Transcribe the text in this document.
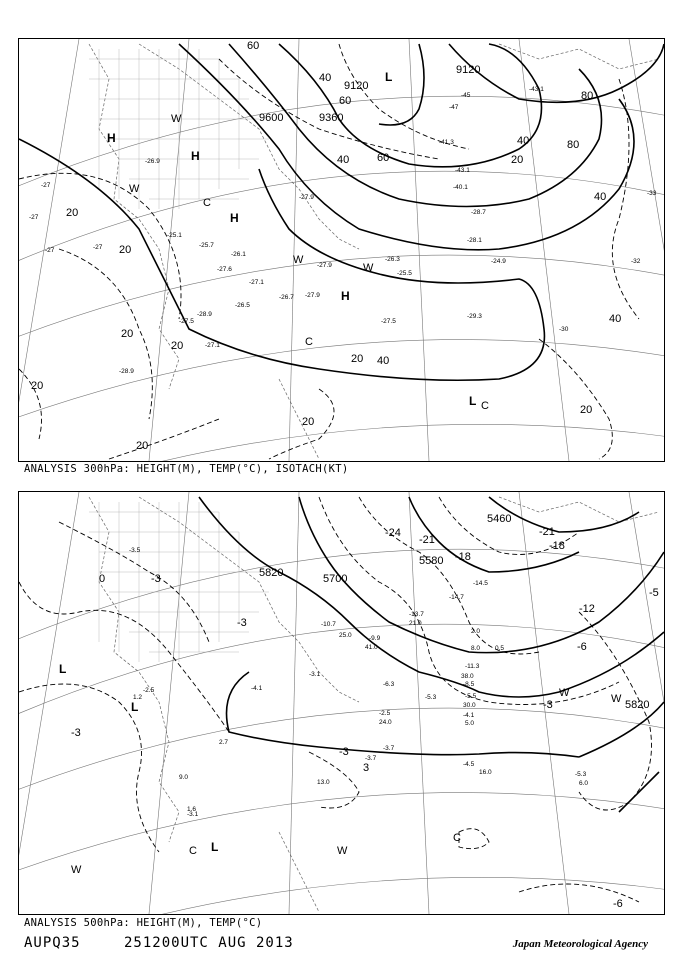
9600	9360
9120
9120
20
20
20
20
20
20
20
20
20
20
40
40
40
40
40
40
60
60
60
80
80
-27
-27
-27	-27
-26.9
-25.7
-25.1
-26.1
-27.1
-27.6
-26.5
-28.9
-27.5
-27.1
-28.9
-26.7 -27.9
-27.5
-25.5
-27.9
-28.7
-26.3	-24.9
-28.1
-41.3
-43.1
-40.1
-43.1
-45
-47
-33
-30
-32
-29.3
-27.9
H
H
H
H
L
L
W
W
W
W
C
C
C
ANALYSIS 300hPa: HEIGHT(M), TEMP(°C), ISOTACH(KT)
5820	5700
5820
5460
5580
-24
-21
-21
-18
-18
-12
-6
-6
-3
-3
-3
-3
0
3
-5
-3
-3.5
-2.5
-3.1
-4.1
-3.1
-8.5
-5.5
-4.1
-10.7
-14.7
-13.7
-11.3
-9.9
-14.5
-6.3
-2.5
-3.7
-5.3
-4.5
-3.7
-5.3
1.2
2.7
9.0
1.6
13.0
16.0
6.0
21.0
41.0
25.0
38.0
30.0
24.0
8.0
5.0
2.0
0.5
L
L
L
W
W
W
W
C
C
ANALYSIS 500hPa: HEIGHT(M), TEMP(°C)
AUPQ35	251200UTC AUG 2013	Japan Meteorological Agency
